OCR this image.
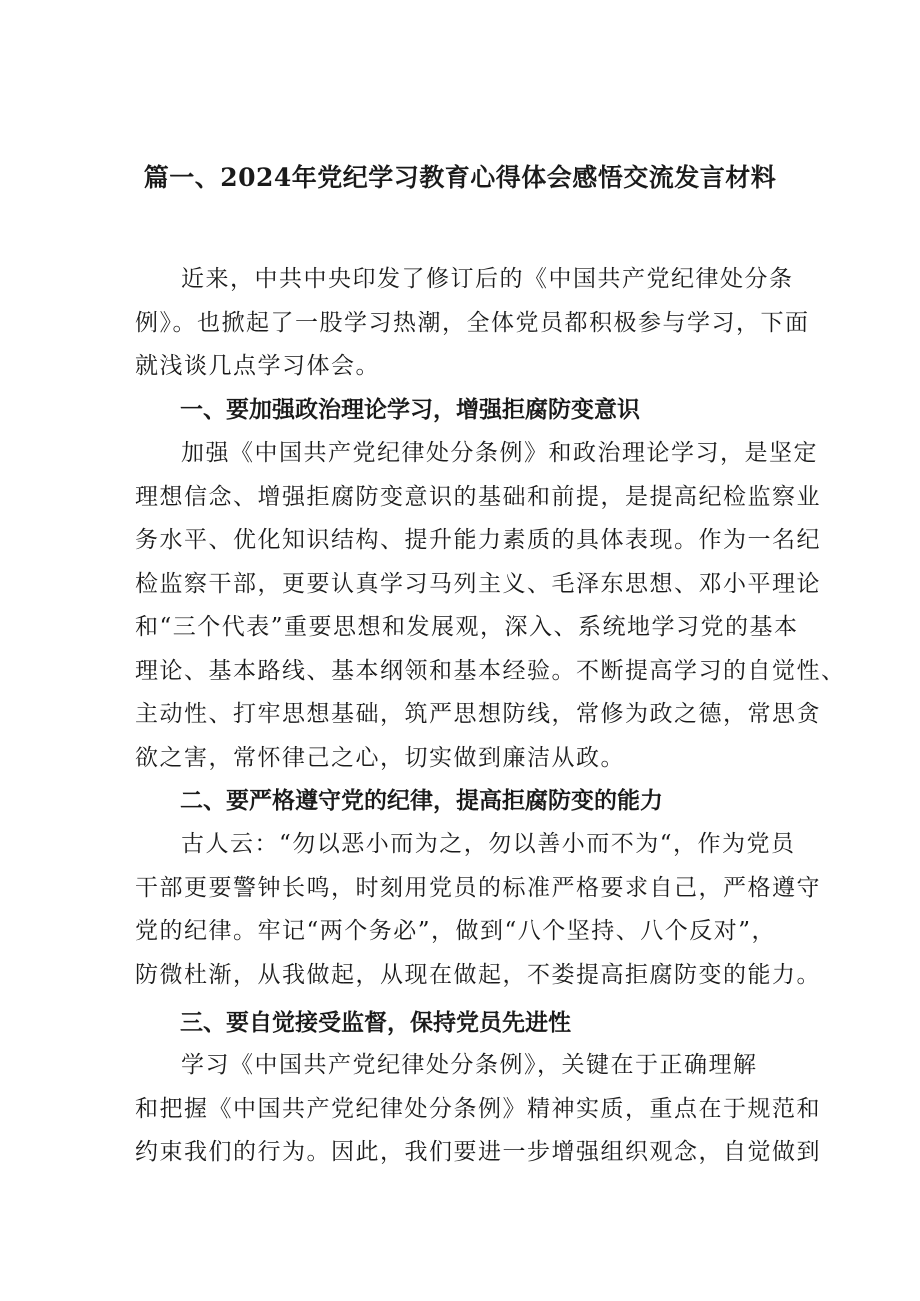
篇一、2024年党纪学习教育心得体会感悟交流发言材料

近来，中共中央印发了修订后的《中国共产党纪律处分条
例》。也掀起了一股学习热潮，全体党员都积极参与学习，下面
就浅谈几点学习体会。

一、要加强政治理论学习，增强拒腐防变意识

加强《中国共产党纪律处分条例》和政治理论学习，是坚定
理想信念、增强拒腐防变意识的基础和前提，是提高纪检监察业
务水平、优化知识结构、提升能力素质的具体表现。作为一名纪
检监察干部，更要认真学习马列主义、毛泽东思想、邓小平理论
和“三个代表”重要思想和发展观，深入、系统地学习党的基本
理论、基本路线、基本纲领和基本经验。不断提高学习的自觉性、
主动性、打牢思想基础，筑严思想防线，常修为政之德，常思贪
欲之害，常怀律己之心，切实做到廉洁从政。

二、要严格遵守党的纪律，提高拒腐防变的能力

古人云：“勿以恶小而为之，勿以善小而不为“，作为党员
干部更要警钟长鸣，时刻用党员的标准严格要求自己，严格遵守
党的纪律。牢记“两个务必”，做到“八个坚持、八个反对”，
防微杜渐，从我做起，从现在做起，不娄提高拒腐防变的能力。

三、要自觉接受监督，保持党员先进性

学习《中国共产党纪律处分条例》，关键在于正确理解
和把握《中国共产党纪律处分条例》精神实质，重点在于规范和
约束我们的行为。因此，我们要进一步增强组织观念，自觉做到
